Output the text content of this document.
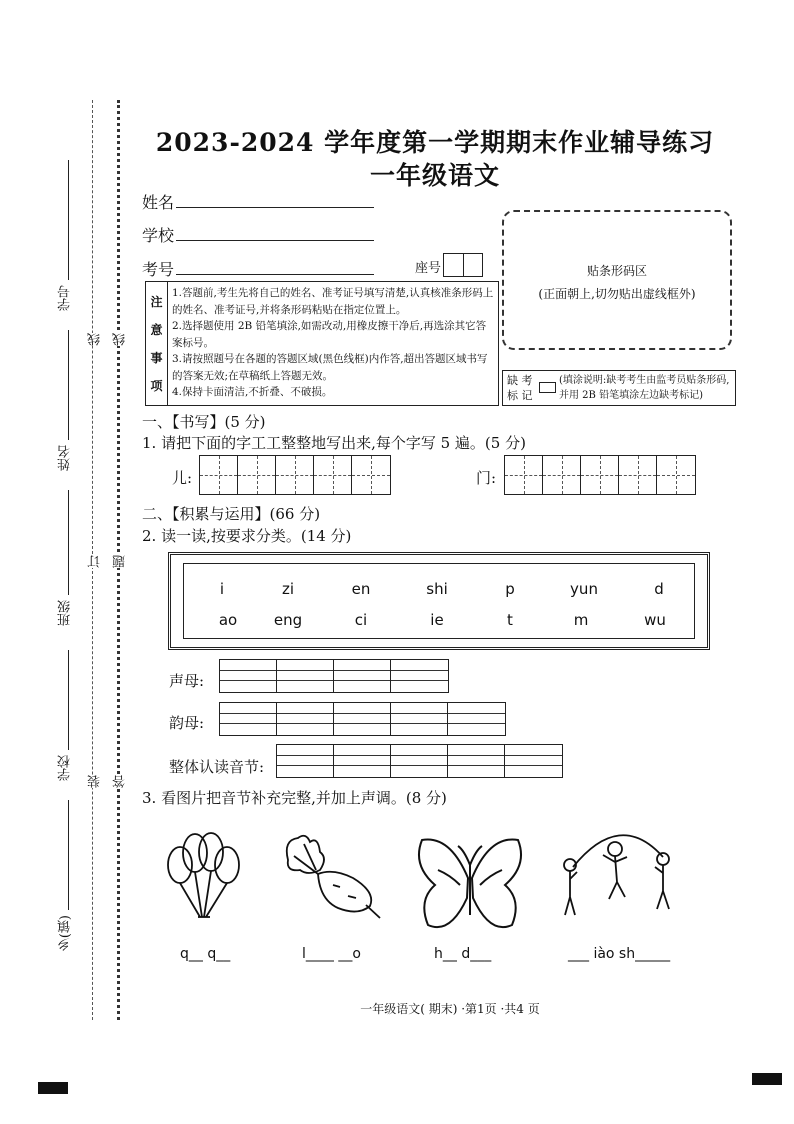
学号
姓名
班级
学校
乡(镇)
线
订
装
线
题
答
2023-2024 学年度第一学期期末作业辅导练习
一年级语文
姓名
学校
考号	座号
注
意
事
项
1.答题前,考生先将自己的姓名、准考证号填写清楚,认真核准条形码上的姓名、准考证号,并将条形码粘贴在指定位置上。
2.选择题使用 2B 铅笔填涂,如需改动,用橡皮擦干净后,再选涂其它答案标号。
3.请按照题号在各题的答题区域(黑色线框)内作答,超出答题区域书写的答案无效;在草稿纸上答题无效。
4.保持卡面清洁,不折叠、不破损。
贴条形码区
(正面朝上,切勿贴出虚线框外)
缺 考
标 记
(填涂说明:缺考考生由监考员贴条形码,并用 2B 铅笔填涂左边缺考标记)
一、【书写】(5 分)
1. 请把下面的字工工整整地写出来,每个字写 5 遍。(5 分)
儿:	门:
二、【积累与运用】(66 分)
2. 读一读,按要求分类。(14 分)
i	zi	en	shi	p	yun	d
ao eng	ci	ie	t	m	wu
声母:
韵母:
整体认读音节:
3. 看图片把音节补充完整,并加上声调。(8 分)
q__ q__	l____ __o	h__ d___	___ iào sh_____
一年级语文( 期末) ·第1页 ·共4 页
